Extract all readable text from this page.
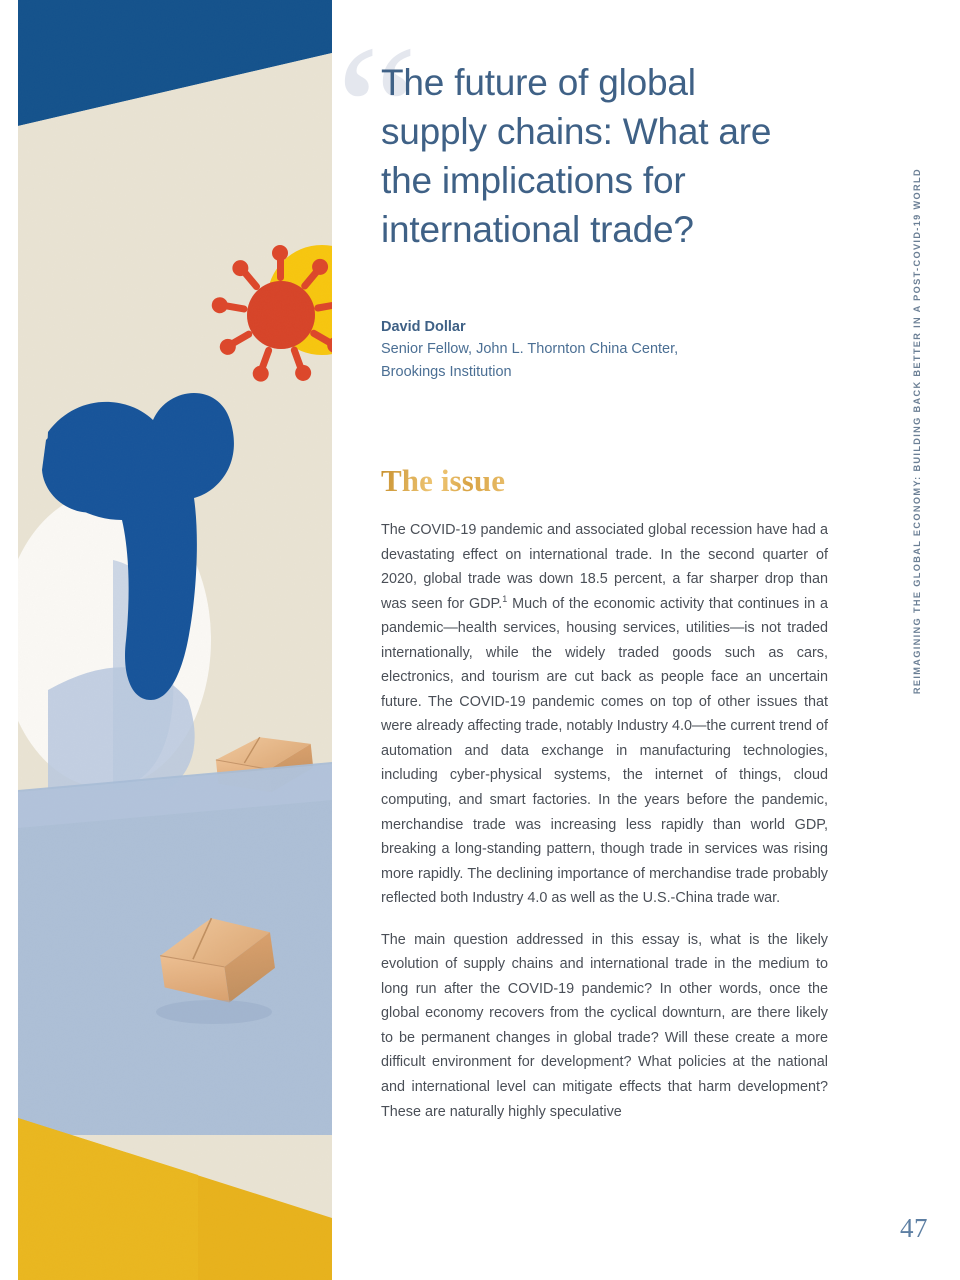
REIMAGINING THE GLOBAL ECONOMY: BUILDING BACK BETTER IN A POST-COVID-19 WORLD
“
The future of global supply chains: What are the implications for international trade?
David Dollar
Senior Fellow, John L. Thornton China Center,
Brookings Institution
The issue

The COVID-19 pandemic and associated global recession have had a devastating effect on international trade. In the second quarter of 2020, global trade was down 18.5 percent, a far sharper drop than was seen for GDP.$^1$ Much of the economic activity that continues in a pandemic—health services, housing services, utilities—is not traded internationally, while the widely traded goods such as cars, electronics, and tourism are cut back as people face an uncertain future. The COVID-19 pandemic comes on top of other issues that were already affecting trade, notably Industry 4.0—the current trend of automation and data exchange in manufacturing technologies, including cyber-physical systems, the internet of things, cloud computing, and smart factories. In the years before the pandemic, merchandise trade was increasing less rapidly than world GDP, breaking a long-standing pattern, though trade in services was rising more rapidly. The declining importance of merchandise trade probably reflected both Industry 4.0 as well as the U.S.-China trade war.

The main question addressed in this essay is, what is the likely evolution of supply chains and international trade in the medium to long run after the COVID-19 pandemic? In other words, once the global economy recovers from the cyclical downturn, are there likely to be permanent changes in global trade? Will these create a more difficult environment for development? What policies at the national and international level can mitigate effects that harm development? These are naturally highly speculative

47
